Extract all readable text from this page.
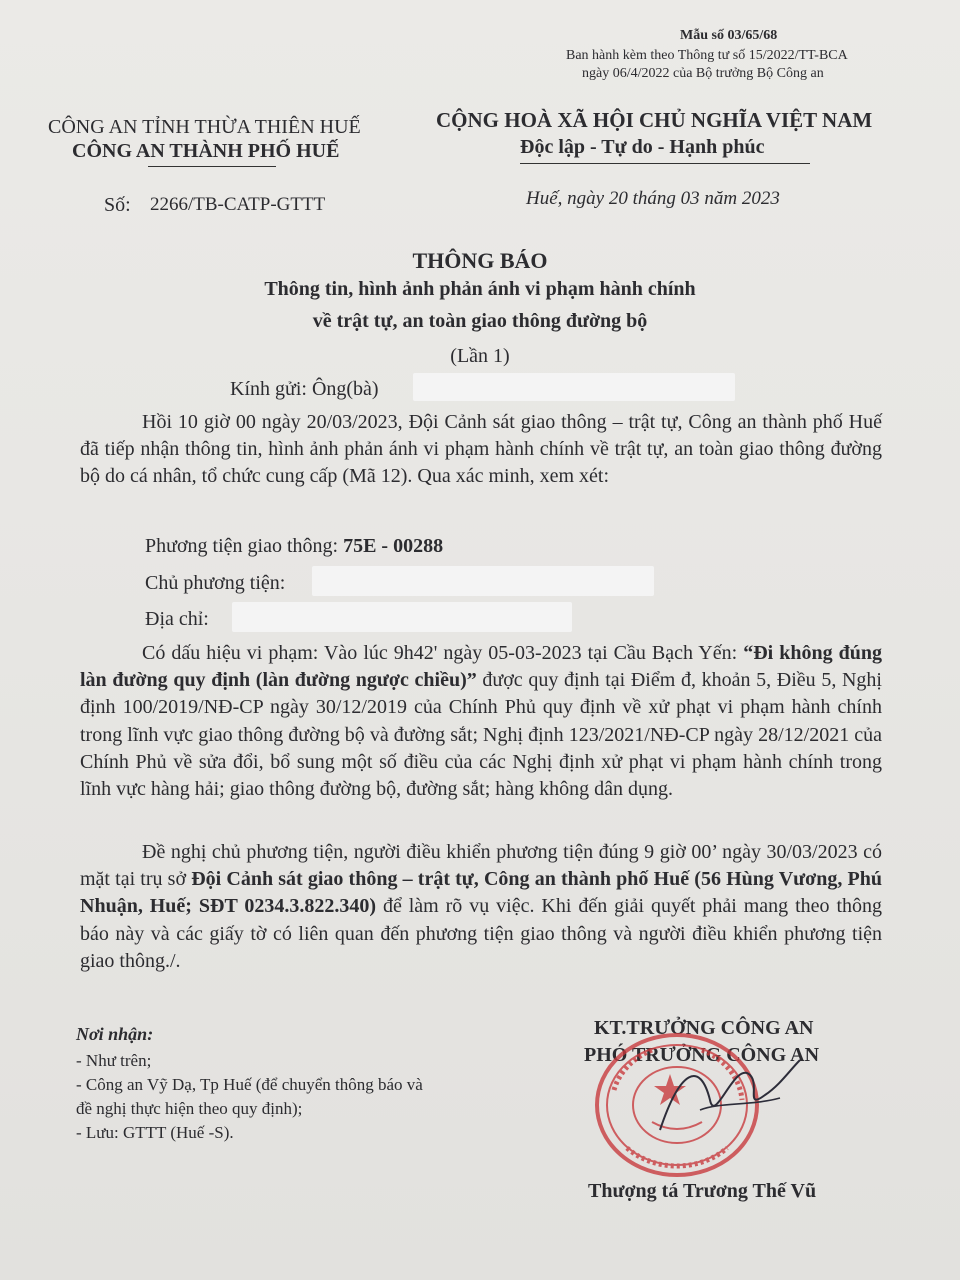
Mẫu số 03/65/68
Ban hành kèm theo Thông tư số 15/2022/TT-BCA
ngày 06/4/2022 của Bộ trưởng Bộ Công an
CÔNG AN TỈNH THỪA THIÊN HUẾ
CÔNG AN THÀNH PHỐ HUẾ
CỘNG HOÀ XÃ HỘI CHỦ NGHĨA VIỆT NAM
Độc lập - Tự do - Hạnh phúc
Số: 2266/TB-CATP-GTTT	Huế, ngày 20 tháng 03 năm 2023
THÔNG BÁO
Thông tin, hình ảnh phản ánh vi phạm hành chính
về trật tự, an toàn giao thông đường bộ
(Lần 1)
Kính gửi: Ông(bà)

Hồi 10 giờ 00 ngày 20/03/2023, Đội Cảnh sát giao thông – trật tự, Công an thành phố Huế đã tiếp nhận thông tin, hình ảnh phản ánh vi phạm hành chính về trật tự, an toàn giao thông đường bộ do cá nhân, tổ chức cung cấp (Mã 12). Qua xác minh, xem xét:

Phương tiện giao thông: 75E - 00288
Chủ phương tiện:
Địa chỉ:

Có dấu hiệu vi phạm: Vào lúc 9h42' ngày 05-03-2023 tại Cầu Bạch Yến: “Đi không đúng làn đường quy định (làn đường ngược chiều)” được quy định tại Điểm đ, khoản 5, Điều 5, Nghị định 100/2019/NĐ-CP ngày 30/12/2019 của Chính Phủ quy định về xử phạt vi phạm hành chính trong lĩnh vực giao thông đường bộ và đường sắt; Nghị định 123/2021/NĐ-CP ngày 28/12/2021 của Chính Phủ về sửa đổi, bổ sung một số điều của các Nghị định xử phạt vi phạm hành chính trong lĩnh vực hàng hải; giao thông đường bộ, đường sắt; hàng không dân dụng.

Đề nghị chủ phương tiện, người điều khiển phương tiện đúng 9 giờ 00’ ngày 30/03/2023 có mặt tại trụ sở Đội Cảnh sát giao thông – trật tự, Công an thành phố Huế (56 Hùng Vương, Phú Nhuận, Huế; SĐT 0234.3.822.340) để làm rõ vụ việc. Khi đến giải quyết phải mang theo thông báo này và các giấy tờ có liên quan đến phương tiện giao thông và người điều khiển phương tiện giao thông./.

Nơi nhận:
- Như trên;
- Công an Vỹ Dạ, Tp Huế (để chuyển thông báo và
đề nghị thực hiện theo quy định);
- Lưu: GTTT (Huế -S).
KT.TRƯỞNG CÔNG AN
PHÓ TRƯỞNG CÔNG AN
Thượng tá Trương Thế Vũ
